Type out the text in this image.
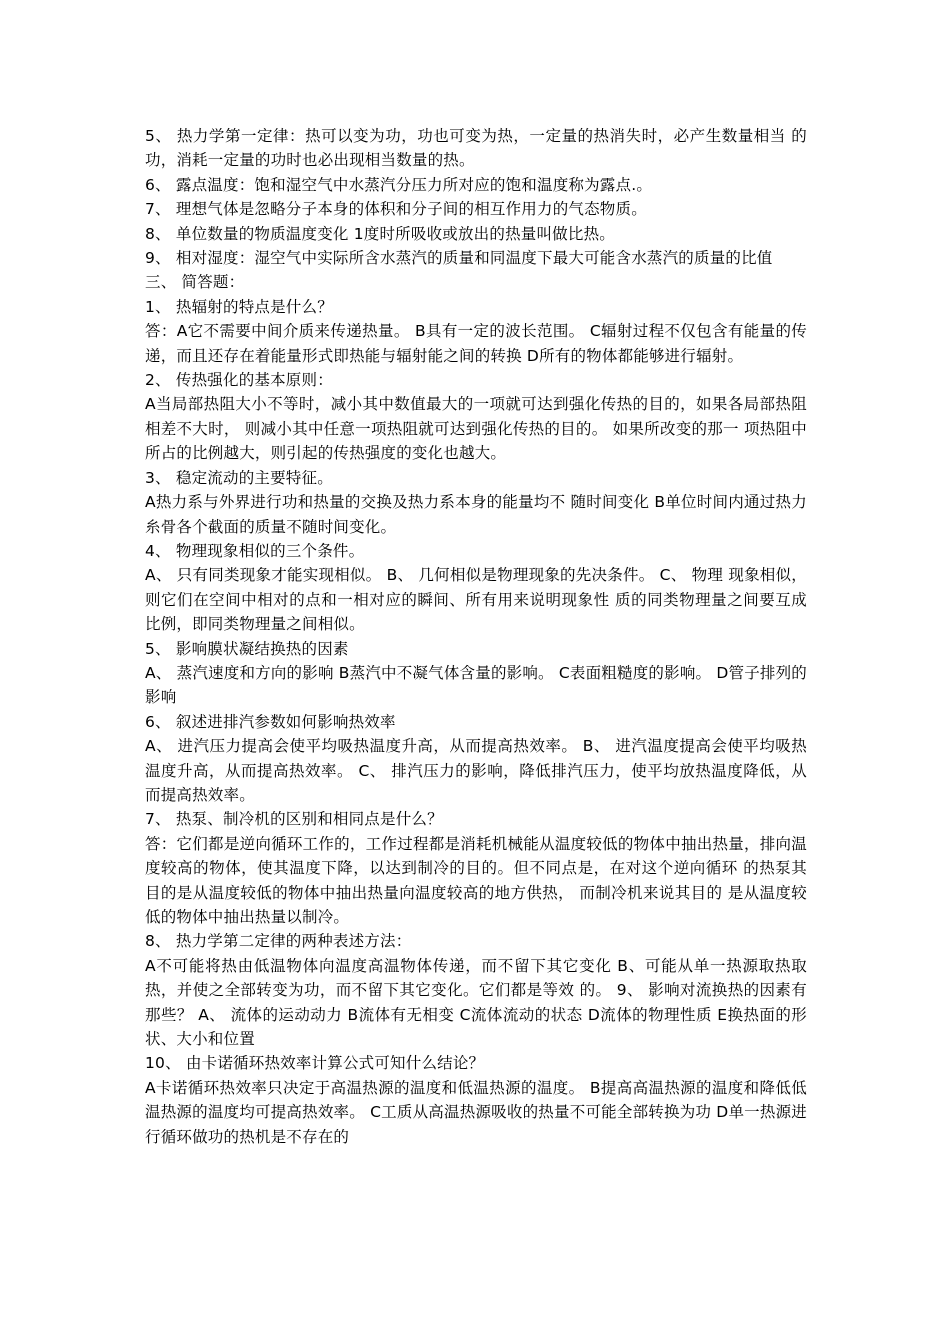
5、 热力学第一定律：热可以变为功，功也可变为热，一定量的热消失时，必产生数量相当 的功，消耗一定量的功时也必出现相当数量的热。

6、 露点温度：饱和湿空气中水蒸汽分压力所对应的饱和温度称为露点.。

7、 理想气体是忽略分子本身的体积和分子间的相互作用力的气态物质。

8、 单位数量的物质温度变化 1度时所吸收或放出的热量叫做比热。

9、 相对湿度：湿空气中实际所含水蒸汽的质量和同温度下最大可能含水蒸汽的质量的比值

三、 简答题：

1、 热辐射的特点是什么？

答：A它不需要中间介质来传递热量。 B具有一定的波长范围。 C辐射过程不仅包含有能量的传递，而且还存在着能量形式即热能与辐射能之间的转换 D所有的物体都能够进行辐射。

2、 传热强化的基本原则：

A当局部热阻大小不等时，减小其中数值最大的一项就可达到强化传热的目的，如果各局部热阻相差不大时， 则减小其中任意一项热阻就可达到强化传热的目的。 如果所改变的那一 项热阻中所占的比例越大，则引起的传热强度的变化也越大。

3、 稳定流动的主要特征。

A热力系与外界进行功和热量的交换及热力系本身的能量均不 随时间变化 B单位时间内通过热力糸骨各个截面的质量不随时间变化。

4、 物理现象相似的三个条件。

A、 只有同类现象才能实现相似。 B、 几何相似是物理现象的先决条件。 C、 物理 现象相似，则它们在空间中相对的点和一相对应的瞬间、所有用来说明现象性 质的同类物理量之间要互成比例，即同类物理量之间相似。

5、 影响膜状凝结换热的因素

A、 蒸汽速度和方向的影响 B蒸汽中不凝气体含量的影响。 C表面粗糙度的影响。 D管子排列的影响

6、 叙述进排汽参数如何影响热效率

A、 进汽压力提高会使平均吸热温度升高，从而提高热效率。 B、 进汽温度提高会使平均吸热温度升高，从而提高热效率。 C、 排汽压力的影响，降低排汽压力，使平均放热温度降低，从而提高热效率。

7、 热泵、制冷机的区别和相同点是什么？

答：它们都是逆向循环工作的，工作过程都是消耗机械能从温度较低的物体中抽出热量，排向温度较高的物体，使其温度下降，以达到制冷的目的。但不同点是，在对这个逆向循环 的热泵其目的是从温度较低的物体中抽出热量向温度较高的地方供热， 而制冷机来说其目的 是从温度较低的物体中抽出热量以制冷。

8、 热力学第二定律的两种表述方法：

A不可能将热由低温物体向温度高温物体传递，而不留下其它变化 B、可能从单一热源取热取热，并使之全部转变为功，而不留下其它变化。它们都是等效 的。 9、 影响对流换热的因素有那些？ A、 流体的运动动力 B流体有无相变 C流体流动的状态 D流体的物理性质 E换热面的形状、大小和位置

10、 由卡诺循环热效率计算公式可知什么结论？

A卡诺循环热效率只决定于高温热源的温度和低温热源的温度。 B提高高温热源的温度和降低低温热源的温度均可提高热效率。 C工质从高温热源吸收的热量不可能全部转换为功 D单一热源进行循环做功的热机是不存在的
